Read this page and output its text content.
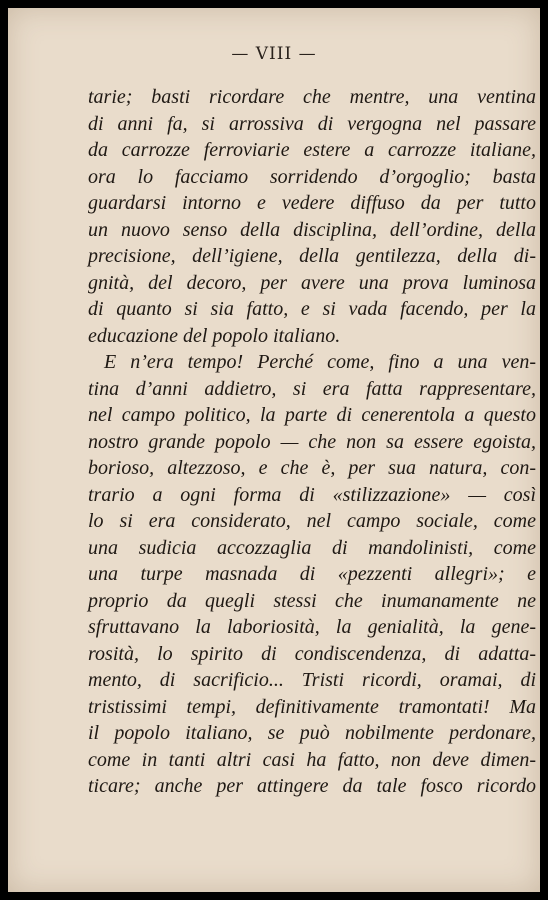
— VIII —
tarie; basti ricordare che mentre, una ventina
di anni fa, si arrossiva di vergogna nel passare
da carrozze ferroviarie estere a carrozze italiane,
ora lo facciamo sorridendo d’orgoglio; basta
guardarsi intorno e vedere diffuso da per tutto
un nuovo senso della disciplina, dell’ordine, della
precisione, dell’igiene, della gentilezza, della di-
gnità, del decoro, per avere una prova luminosa
di quanto si sia fatto, e si vada facendo, per la
educazione del popolo italiano.
E n’era tempo! Perché come, fino a una ven-
tina d’anni addietro, si era fatta rappresentare,
nel campo politico, la parte di cenerentola a questo
nostro grande popolo — che non sa essere egoista,
borioso, altezzoso, e che è, per sua natura, con-
trario a ogni forma di «stilizzazione» — così
lo si era considerato, nel campo sociale, come
una sudicia accozzaglia di mandolinisti, come
una turpe masnada di «pezzenti allegri»; e
proprio da quegli stessi che inumanamente ne
sfruttavano la laboriosità, la genialità, la gene-
rosità, lo spirito di condiscendenza, di adatta-
mento, di sacrificio... Tristi ricordi, oramai, di
tristissimi tempi, definitivamente tramontati! Ma
il popolo italiano, se può nobilmente perdonare,
come in tanti altri casi ha fatto, non deve dimen-
ticare; anche per attingere da tale fosco ricordo
